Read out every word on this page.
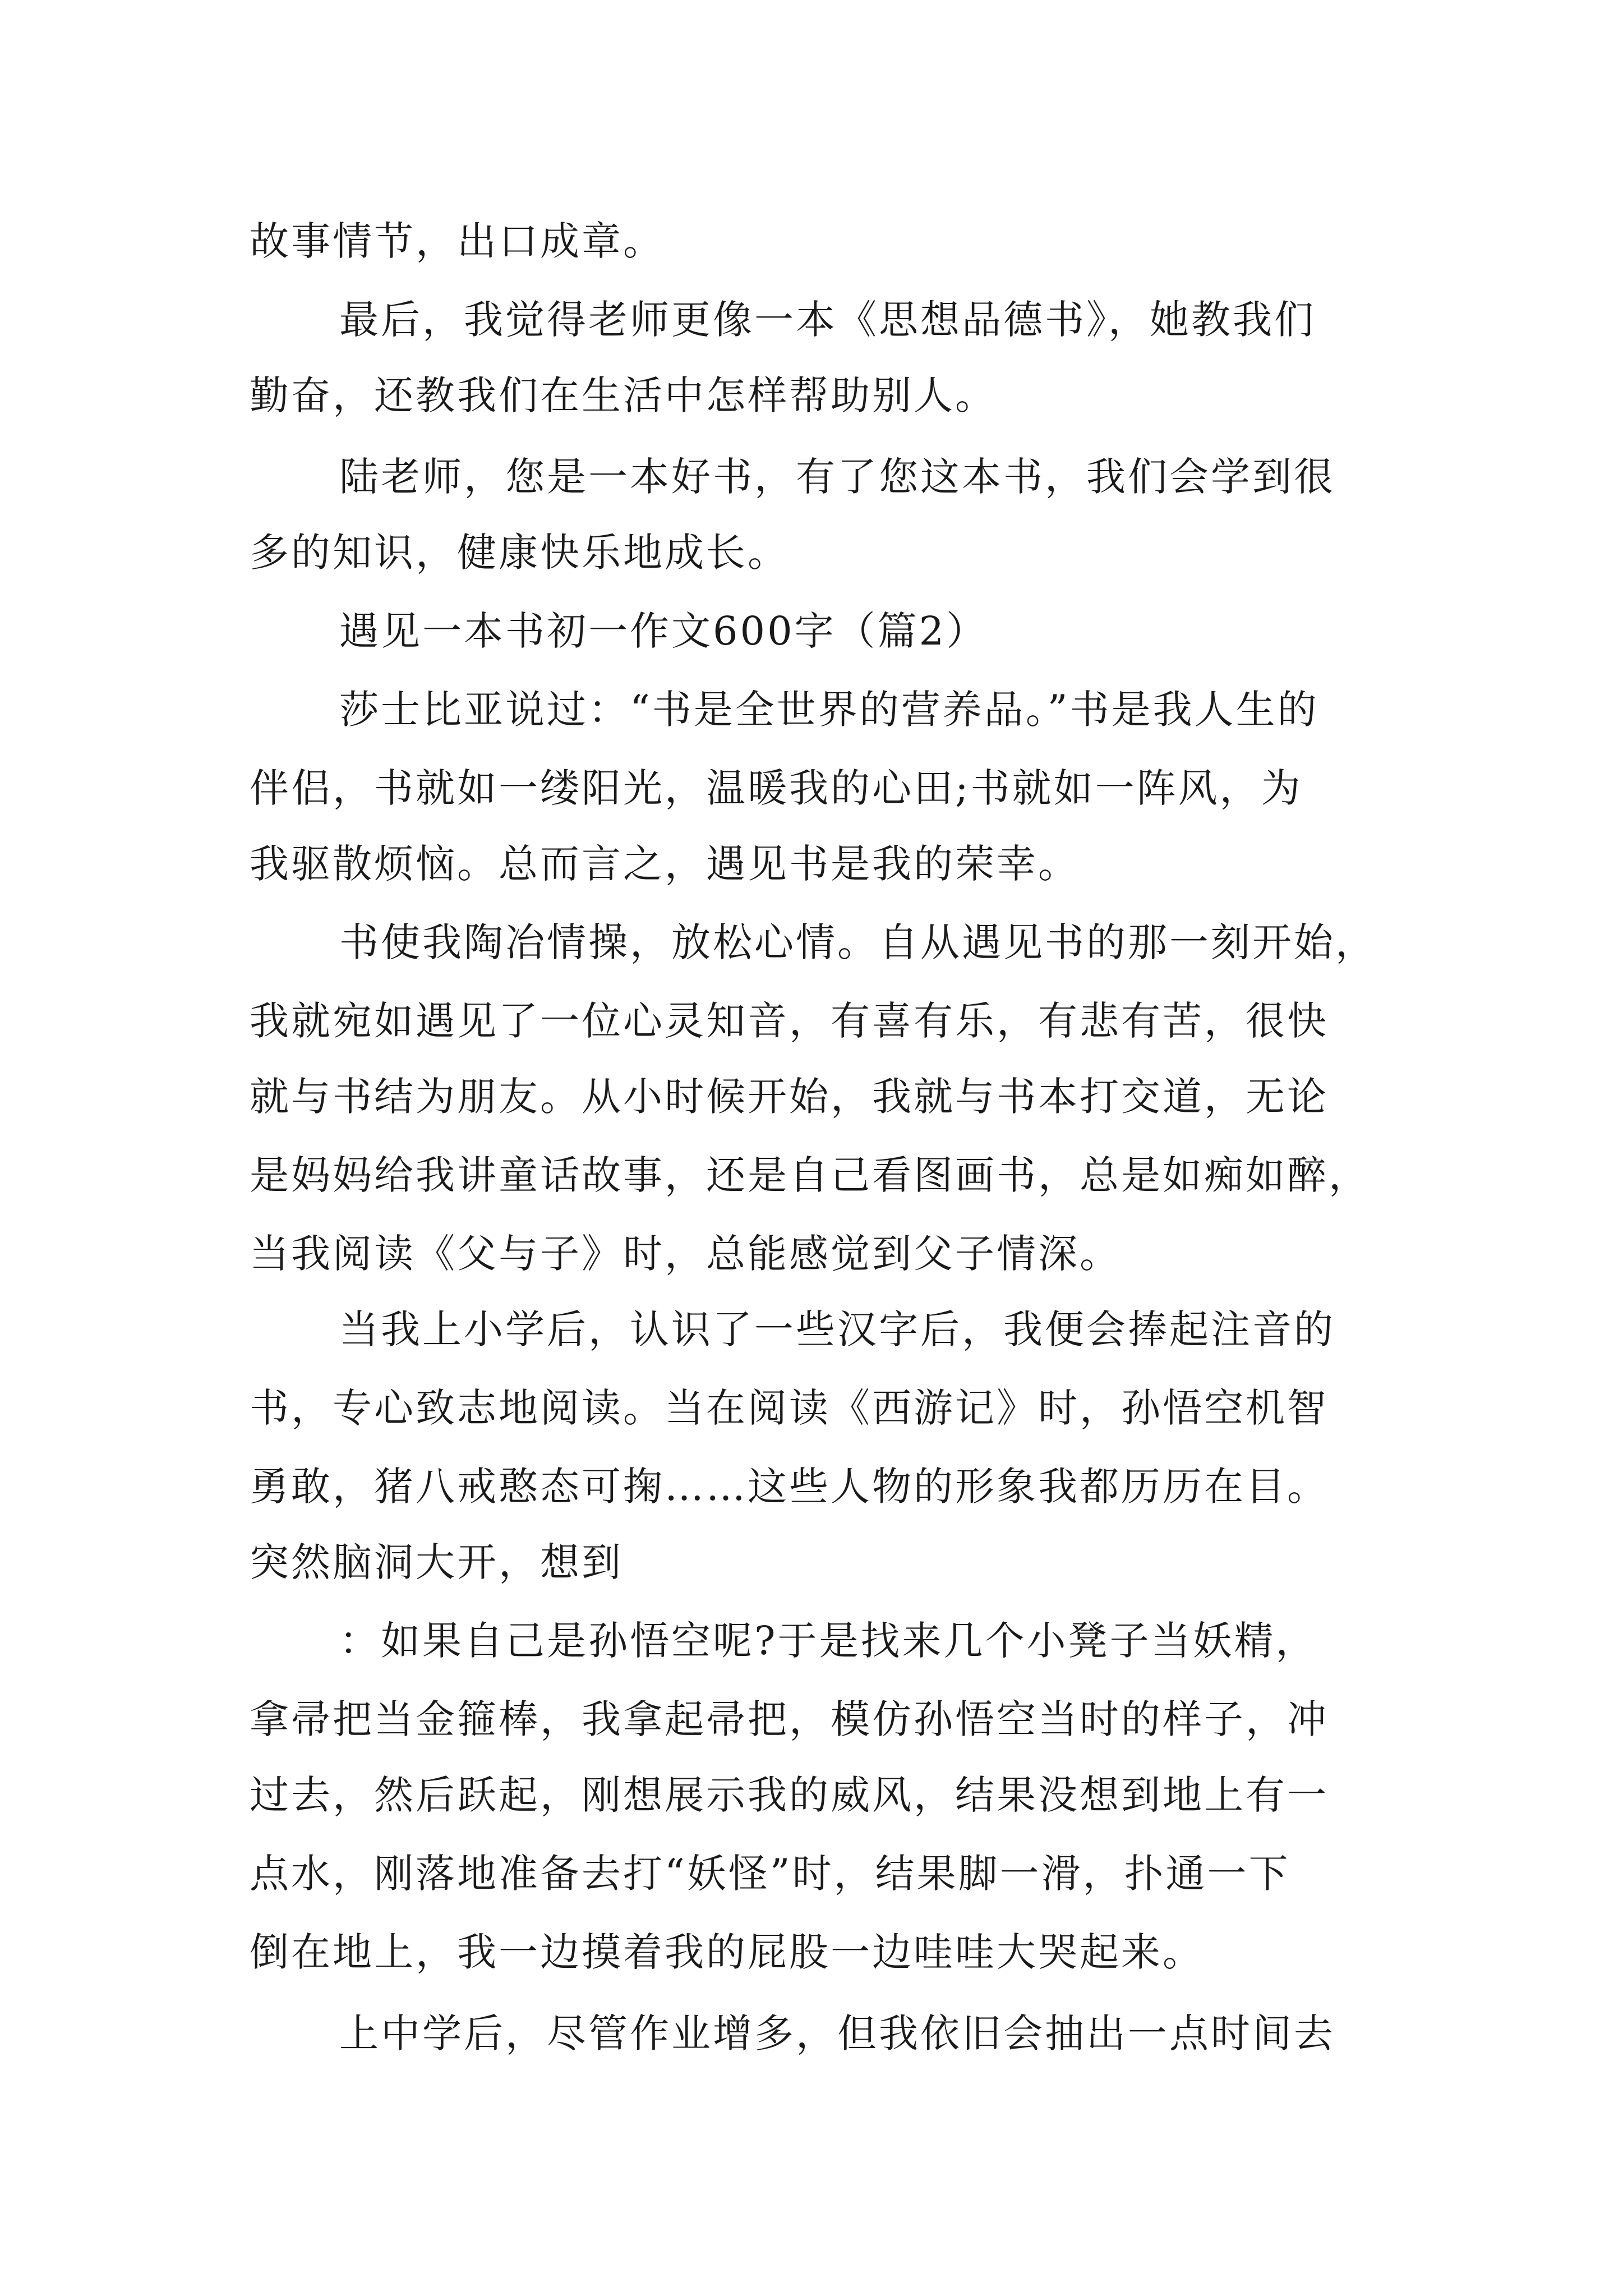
故事情节，出口成章。
最后，我觉得老师更像一本《思想品德书》，她教我们
勤奋，还教我们在生活中怎样帮助别人。
陆老师，您是一本好书，有了您这本书，我们会学到很
多的知识，健康快乐地成长。
遇见一本书初一作文600字（篇2）
莎士比亚说过：“书是全世界的营养品。”书是我人生的
伴侣，书就如一缕阳光，温暖我的心田;书就如一阵风，为
我驱散烦恼。总而言之，遇见书是我的荣幸。
书使我陶冶情操，放松心情。自从遇见书的那一刻开始，
我就宛如遇见了一位心灵知音，有喜有乐，有悲有苦，很快
就与书结为朋友。从小时候开始，我就与书本打交道，无论
是妈妈给我讲童话故事，还是自己看图画书，总是如痴如醉，
当我阅读《父与子》时，总能感觉到父子情深。
当我上小学后，认识了一些汉字后，我便会捧起注音的
书，专心致志地阅读。当在阅读《西游记》时，孙悟空机智
勇敢，猪八戒憨态可掬……这些人物的形象我都历历在目。
突然脑洞大开，想到
：如果自己是孙悟空呢?于是找来几个小凳子当妖精，
拿帚把当金箍棒，我拿起帚把，模仿孙悟空当时的样子，冲
过去，然后跃起，刚想展示我的威风，结果没想到地上有一
点水，刚落地准备去打“妖怪”时，结果脚一滑，扑通一下
倒在地上，我一边摸着我的屁股一边哇哇大哭起来。
上中学后，尽管作业增多，但我依旧会抽出一点时间去
